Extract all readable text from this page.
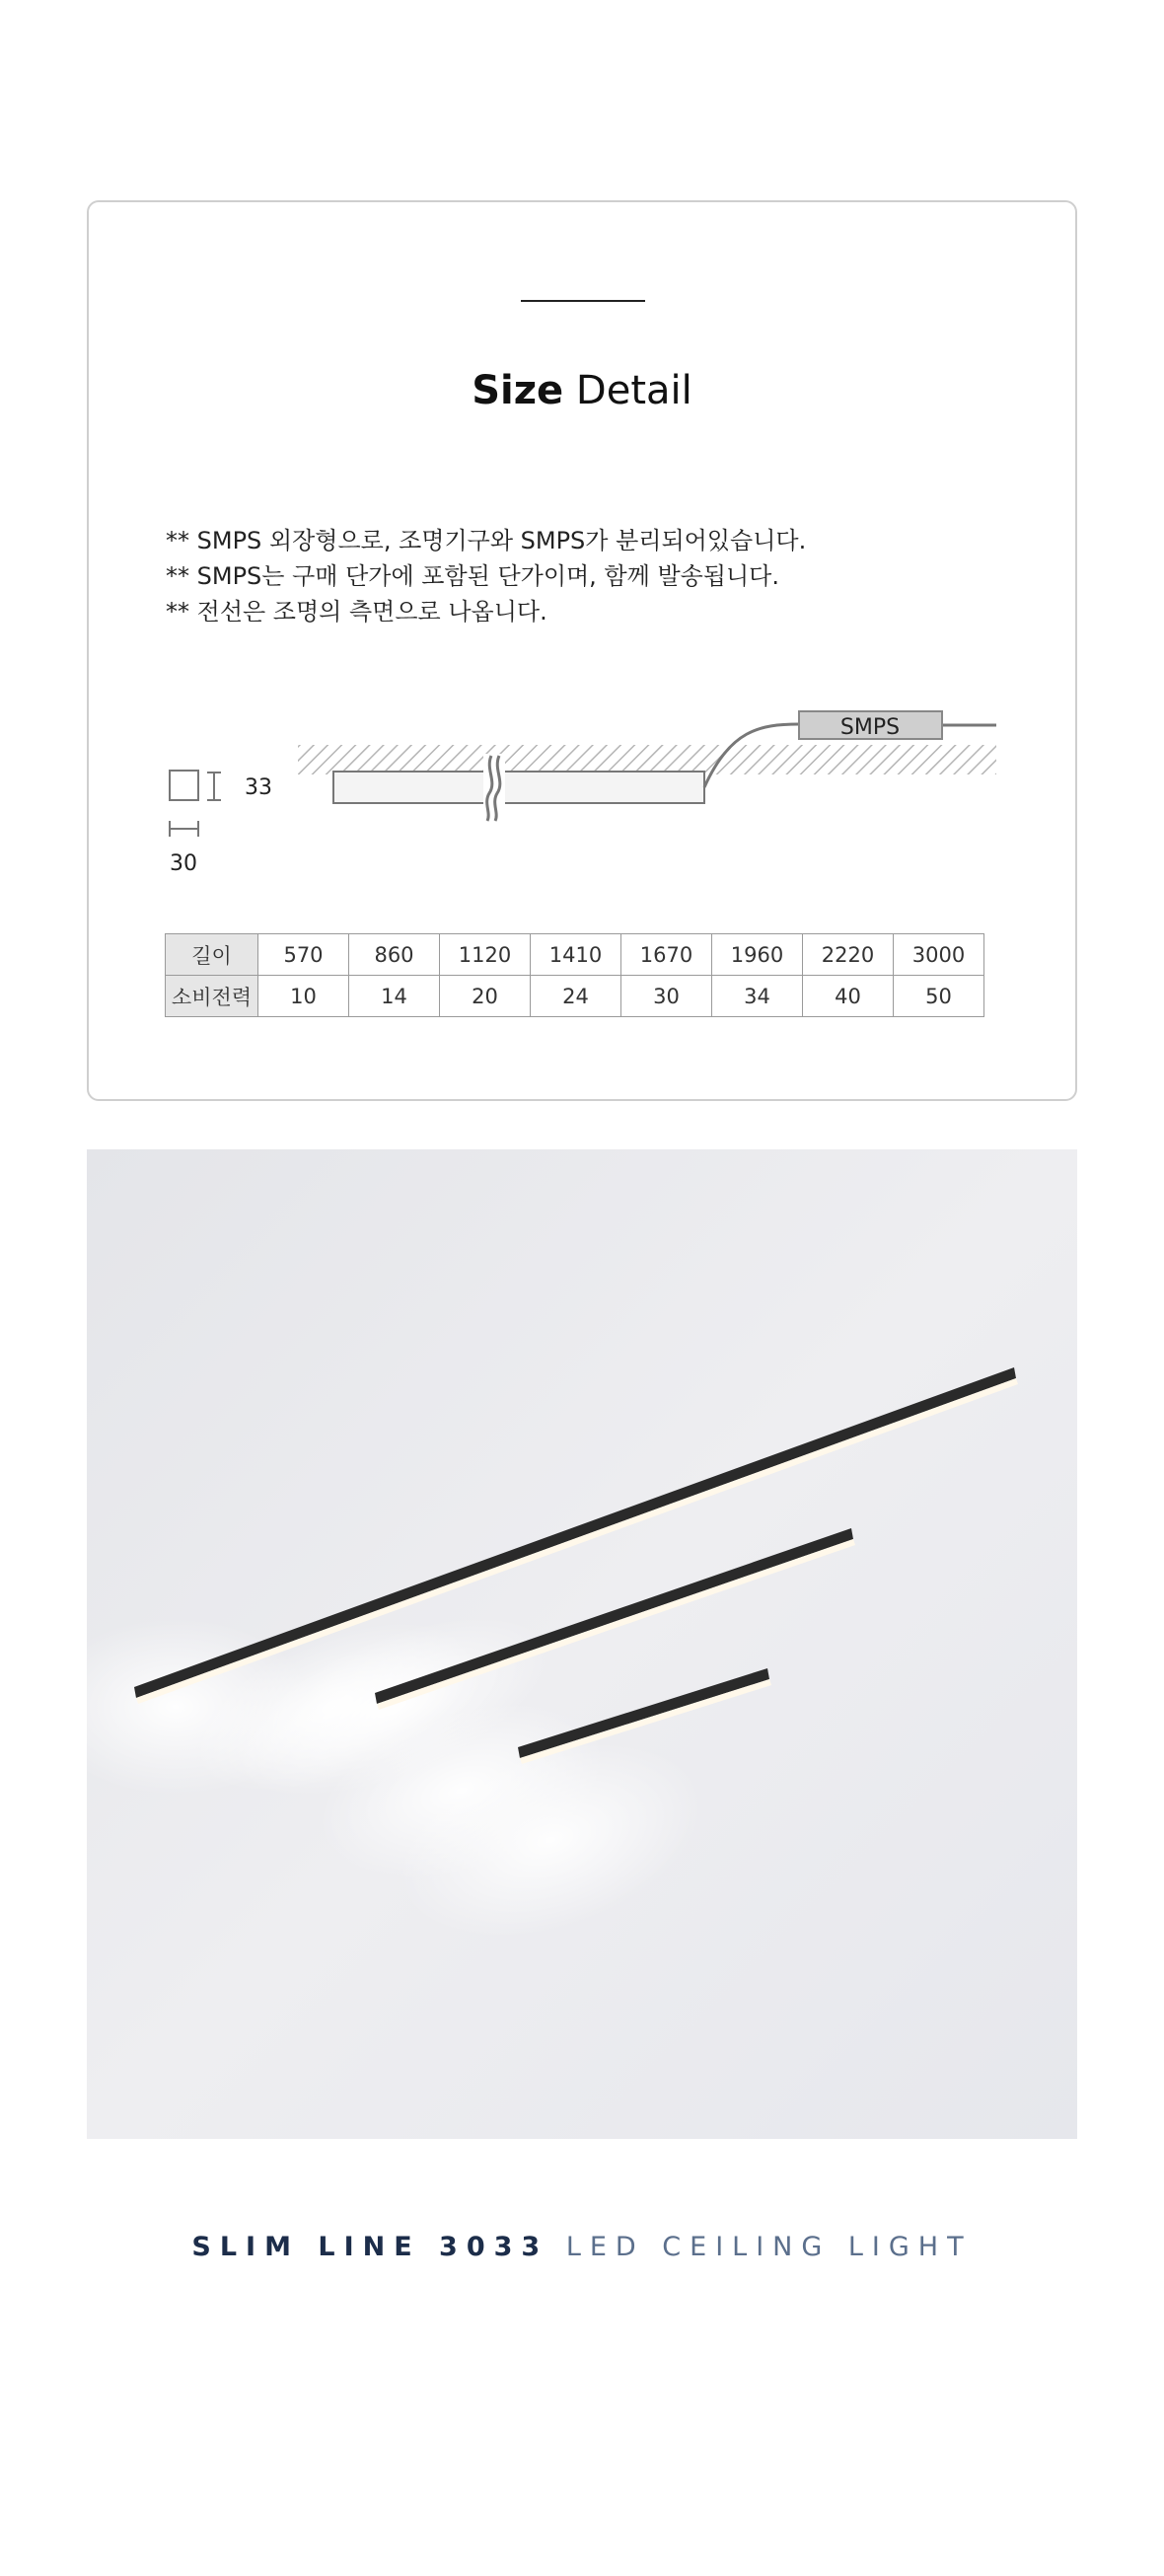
Size Detail
** SMPS 외장형으로, 조명기구와 SMPS가 분리되어있습니다.
** SMPS는 구매 단가에 포함된 단가이며, 함께 발송됩니다.
** 전선은 조명의 측면으로 나옵니다.
SMPS
33
30
길이	570	860	1120	1410	1670	1960	2220	3000
소비전력	10	14	20	24	30	34	40	50
SLIM LINE 3033 LED CEILING LIGHT
